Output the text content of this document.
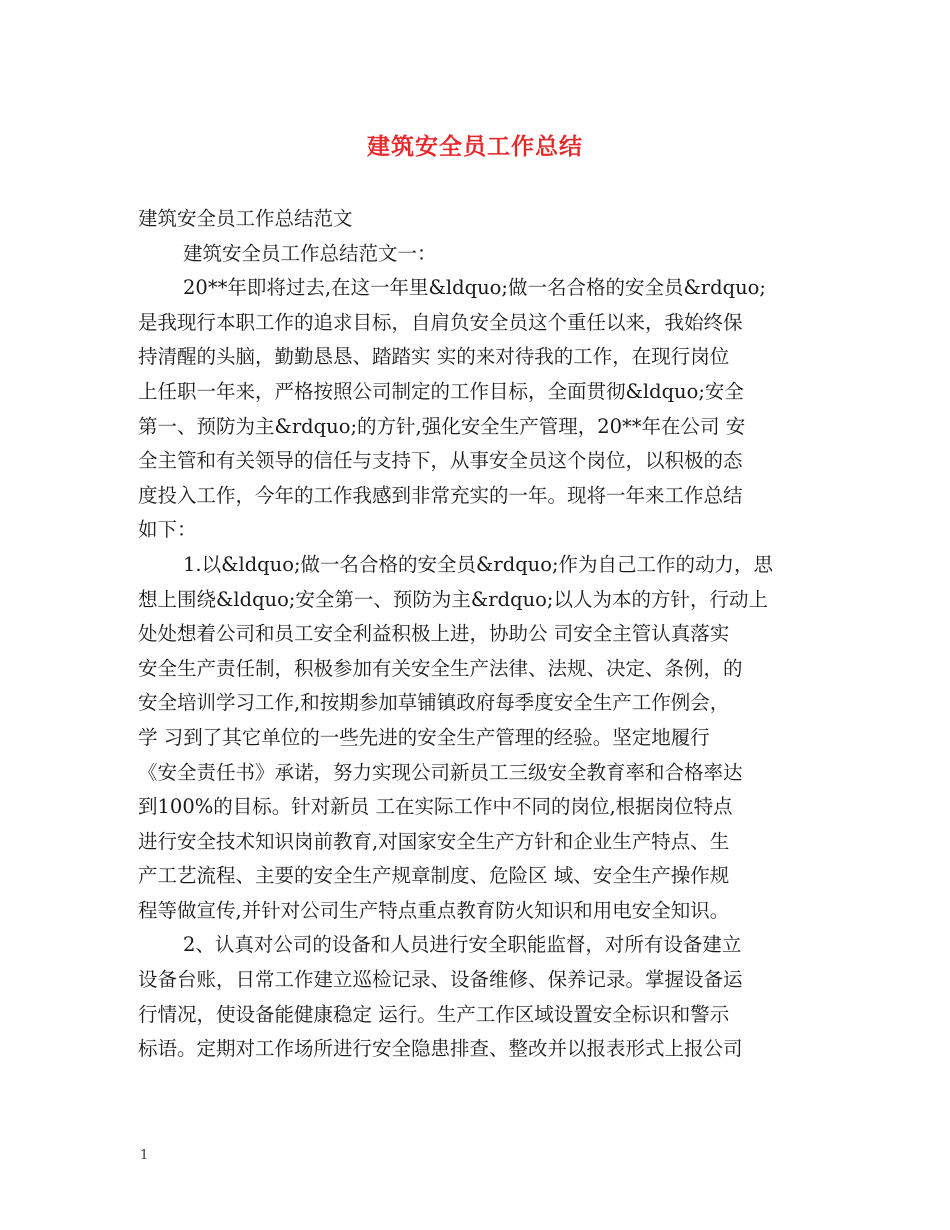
建筑安全员工作总结
建筑安全员工作总结范文
建筑安全员工作总结范文一：
20**年即将过去,在这一年里&ldquo;做一名合格的安全员&rdquo;
是我现行本职工作的追求目标，自肩负安全员这个重任以来，我始终保
持清醒的头脑，勤勤恳恳、踏踏实 实的来对待我的工作，在现行岗位
上任职一年来，严格按照公司制定的工作目标，全面贯彻&ldquo;安全
第一、预防为主&rdquo;的方针,强化安全生产管理，20**年在公司 安
全主管和有关领导的信任与支持下，从事安全员这个岗位，以积极的态
度投入工作，今年的工作我感到非常充实的一年。现将一年来工作总结
如下：
1.以&ldquo;做一名合格的安全员&rdquo;作为自己工作的动力，思
想上围绕&ldquo;安全第一、预防为主&rdquo;以人为本的方针，行动上
处处想着公司和员工安全利益积极上进，协助公 司安全主管认真落实
安全生产责任制，积极参加有关安全生产法律、法规、决定、条例，的
安全培训学习工作,和按期参加草铺镇政府每季度安全生产工作例会，
学 习到了其它单位的一些先进的安全生产管理的经验。坚定地履行
《安全责任书》承诺，努力实现公司新员工三级安全教育率和合格率达
到100%的目标。针对新员 工在实际工作中不同的岗位,根据岗位特点
进行安全技术知识岗前教育,对国家安全生产方针和企业生产特点、生
产工艺流程、主要的安全生产规章制度、危险区 域、安全生产操作规
程等做宣传,并针对公司生产特点重点教育防火知识和用电安全知识。
2、认真对公司的设备和人员进行安全职能监督，对所有设备建立
设备台账，日常工作建立巡检记录、设备维修、保养记录。掌握设备运
行情况，使设备能健康稳定 运行。生产工作区域设置安全标识和警示
标语。定期对工作场所进行安全隐患排查、整改并以报表形式上报公司
1
